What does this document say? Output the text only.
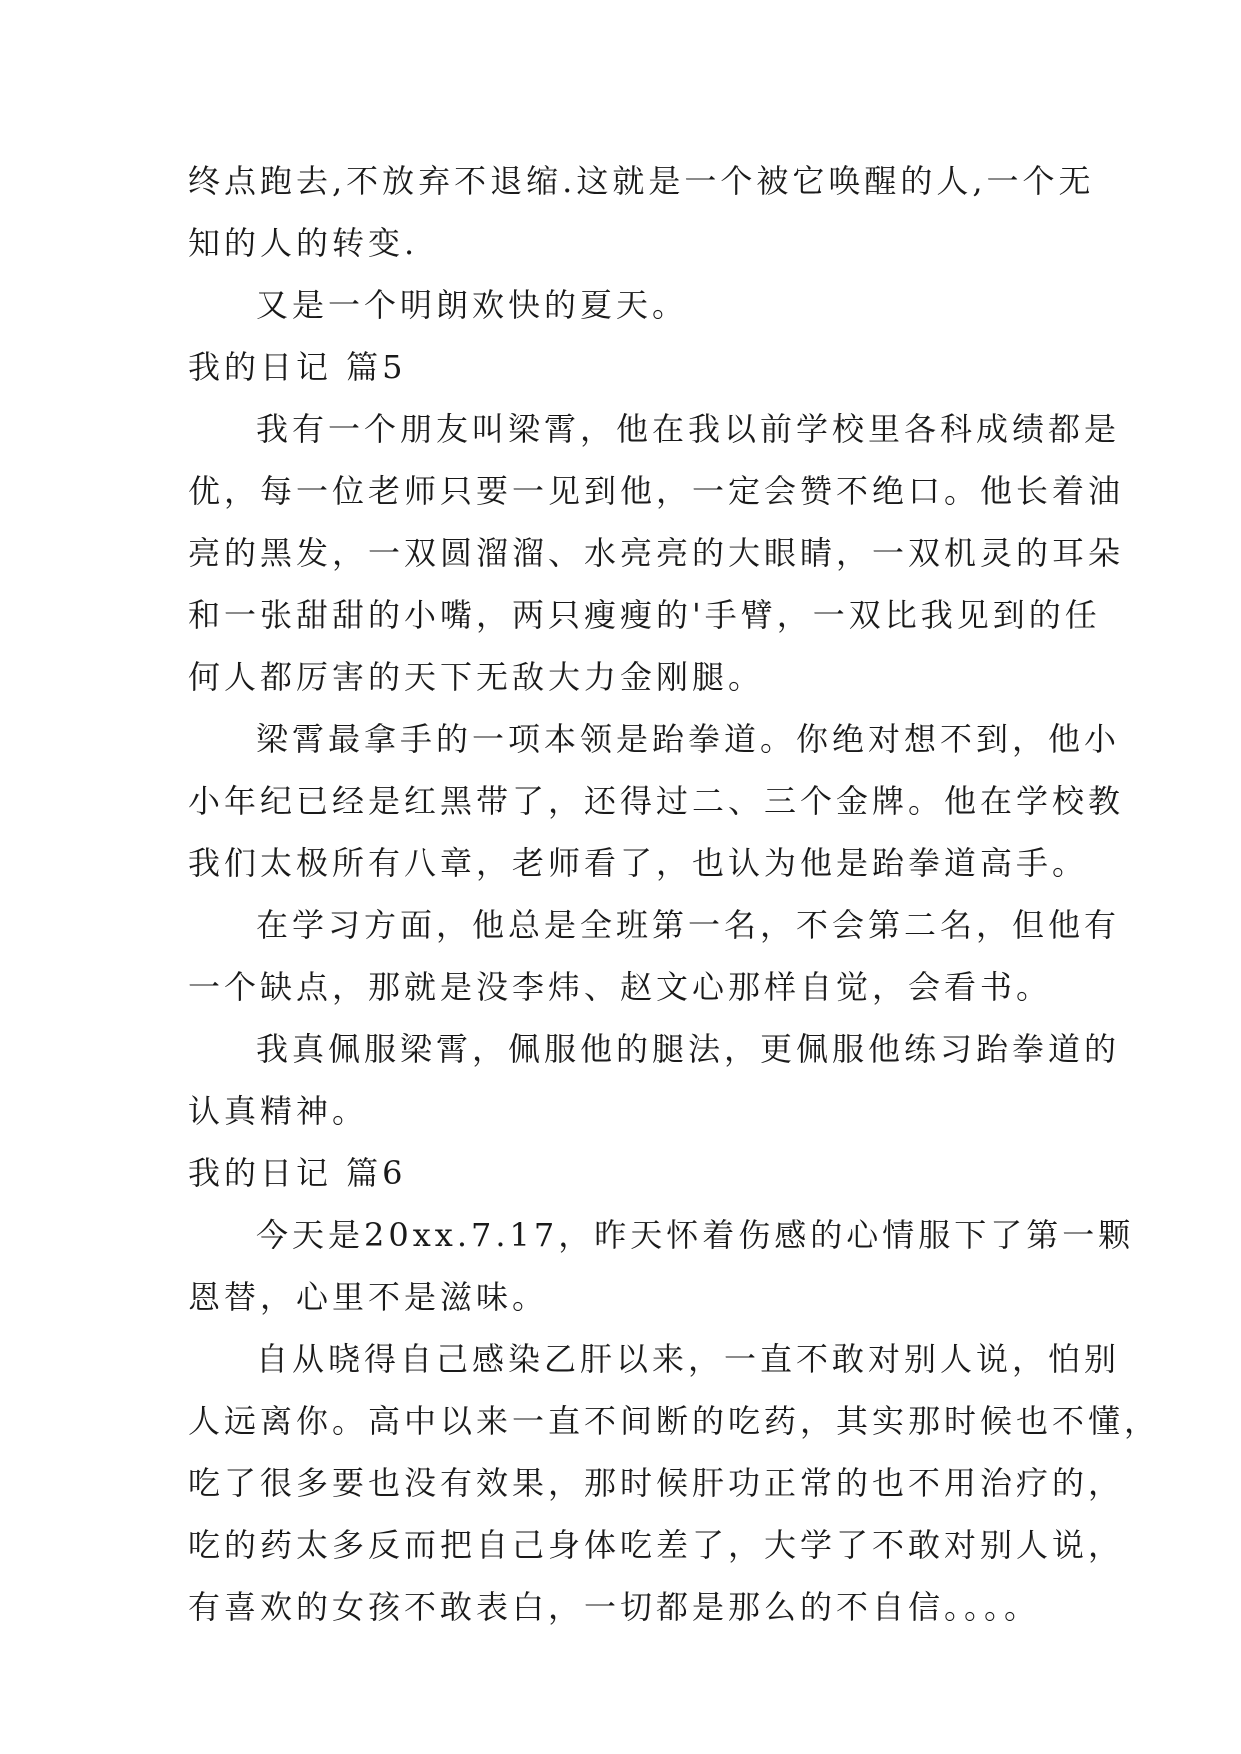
终点跑去,不放弃不退缩.这就是一个被它唤醒的人,一个无
知的人的转变.
又是一个明朗欢快的夏天。
我的日记 篇5
我有一个朋友叫梁霄，他在我以前学校里各科成绩都是
优，每一位老师只要一见到他，一定会赞不绝口。他长着油
亮的黑发，一双圆溜溜、水亮亮的大眼睛，一双机灵的耳朵
和一张甜甜的小嘴，两只瘦瘦的'手臂，一双比我见到的任
何人都厉害的天下无敌大力金刚腿。
梁霄最拿手的一项本领是跆拳道。你绝对想不到，他小
小年纪已经是红黑带了，还得过二、三个金牌。他在学校教
我们太极所有八章，老师看了，也认为他是跆拳道高手。
在学习方面，他总是全班第一名，不会第二名，但他有
一个缺点，那就是没李炜、赵文心那样自觉，会看书。
我真佩服梁霄，佩服他的腿法，更佩服他练习跆拳道的
认真精神。
我的日记 篇6
今天是20xx.7.17，昨天怀着伤感的心情服下了第一颗
恩替，心里不是滋味。
自从晓得自己感染乙肝以来，一直不敢对别人说，怕别
人远离你。高中以来一直不间断的吃药，其实那时候也不懂，
吃了很多要也没有效果，那时候肝功正常的也不用治疗的，
吃的药太多反而把自己身体吃差了，大学了不敢对别人说，
有喜欢的女孩不敢表白，一切都是那么的不自信。。。。
